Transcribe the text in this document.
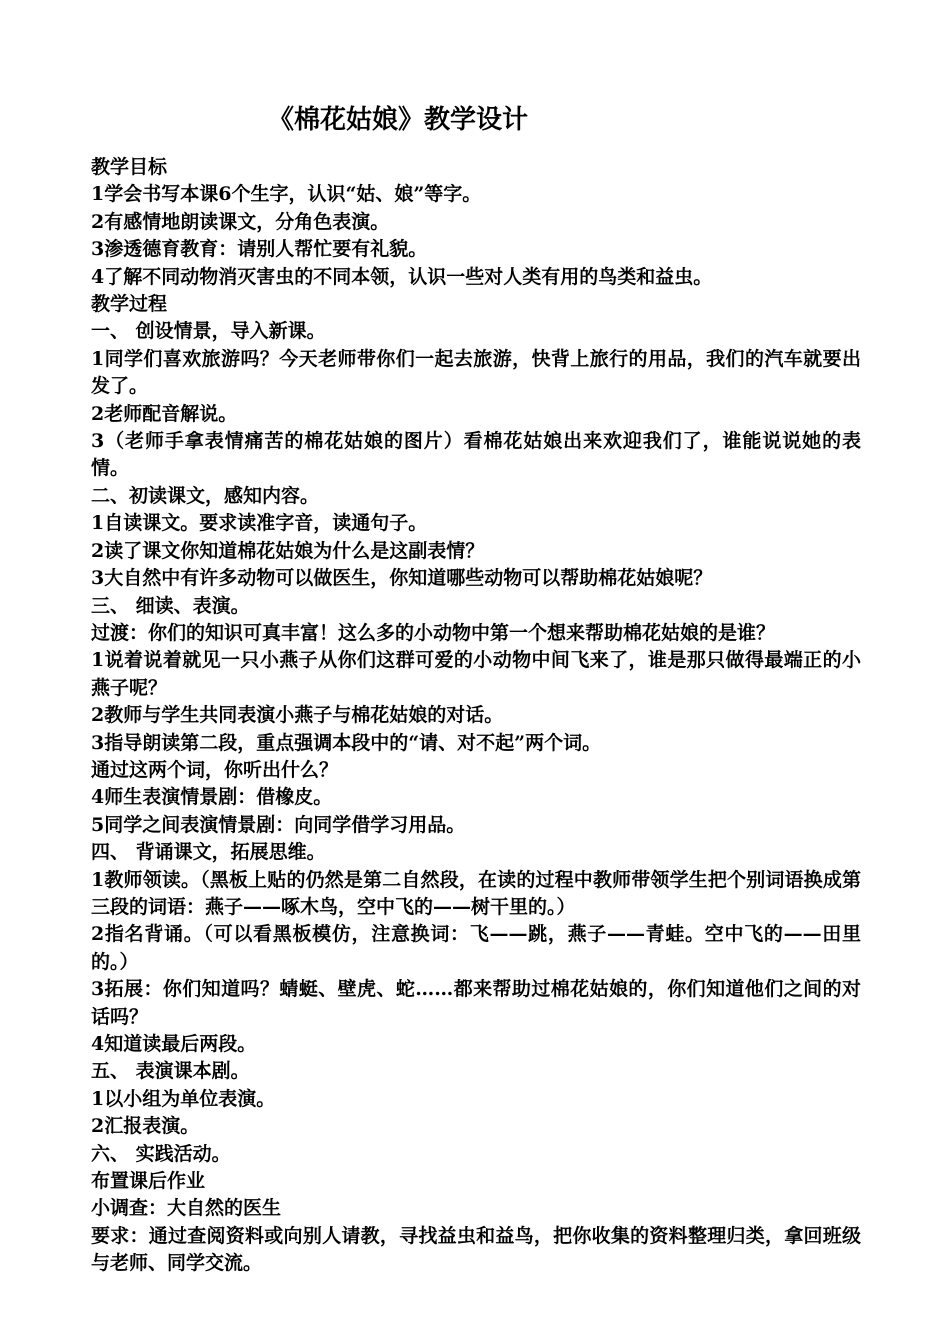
《棉花姑娘》教学设计
教学目标
1学会书写本课6个生字，认识“姑、娘”等字。
2有感情地朗读课文，分角色表演。
3渗透德育教育：请别人帮忙要有礼貌。
4了解不同动物消灭害虫的不同本领，认识一些对人类有用的鸟类和益虫。
教学过程
一、 创设情景，导入新课。
1同学们喜欢旅游吗？今天老师带你们一起去旅游，快背上旅行的用品，我们的汽车就要出发了。
2老师配音解说。
3（老师手拿表情痛苦的棉花姑娘的图片）看棉花姑娘出来欢迎我们了，谁能说说她的表情。
二、初读课文，感知内容。
1自读课文。要求读准字音，读通句子。
2读了课文你知道棉花姑娘为什么是这副表情？
3大自然中有许多动物可以做医生，你知道哪些动物可以帮助棉花姑娘呢？
三、 细读、表演。
过渡：你们的知识可真丰富！这么多的小动物中第一个想来帮助棉花姑娘的是谁？
1说着说着就见一只小燕子从你们这群可爱的小动物中间飞来了，谁是那只做得最端正的小燕子呢？
2教师与学生共同表演小燕子与棉花姑娘的对话。
3指导朗读第二段，重点强调本段中的“请、对不起”两个词。
通过这两个词，你听出什么？
4师生表演情景剧：借橡皮。
5同学之间表演情景剧：向同学借学习用品。
四、 背诵课文，拓展思维。
1教师领读。（黑板上贴的仍然是第二自然段，在读的过程中教师带领学生把个别词语换成第三段的词语：燕子——啄木鸟，空中飞的——树干里的。）
2指名背诵。（可以看黑板模仿，注意换词：飞——跳，燕子——青蛙。空中飞的——田里的。）
3拓展：你们知道吗？蜻蜓、壁虎、蛇……都来帮助过棉花姑娘的，你们知道他们之间的对话吗？
4知道读最后两段。
五、 表演课本剧。
1以小组为单位表演。
2汇报表演。
六、 实践活动。
布置课后作业
小调查：大自然的医生
要求：通过查阅资料或向别人请教，寻找益虫和益鸟，把你收集的资料整理归类，拿回班级与老师、同学交流。
